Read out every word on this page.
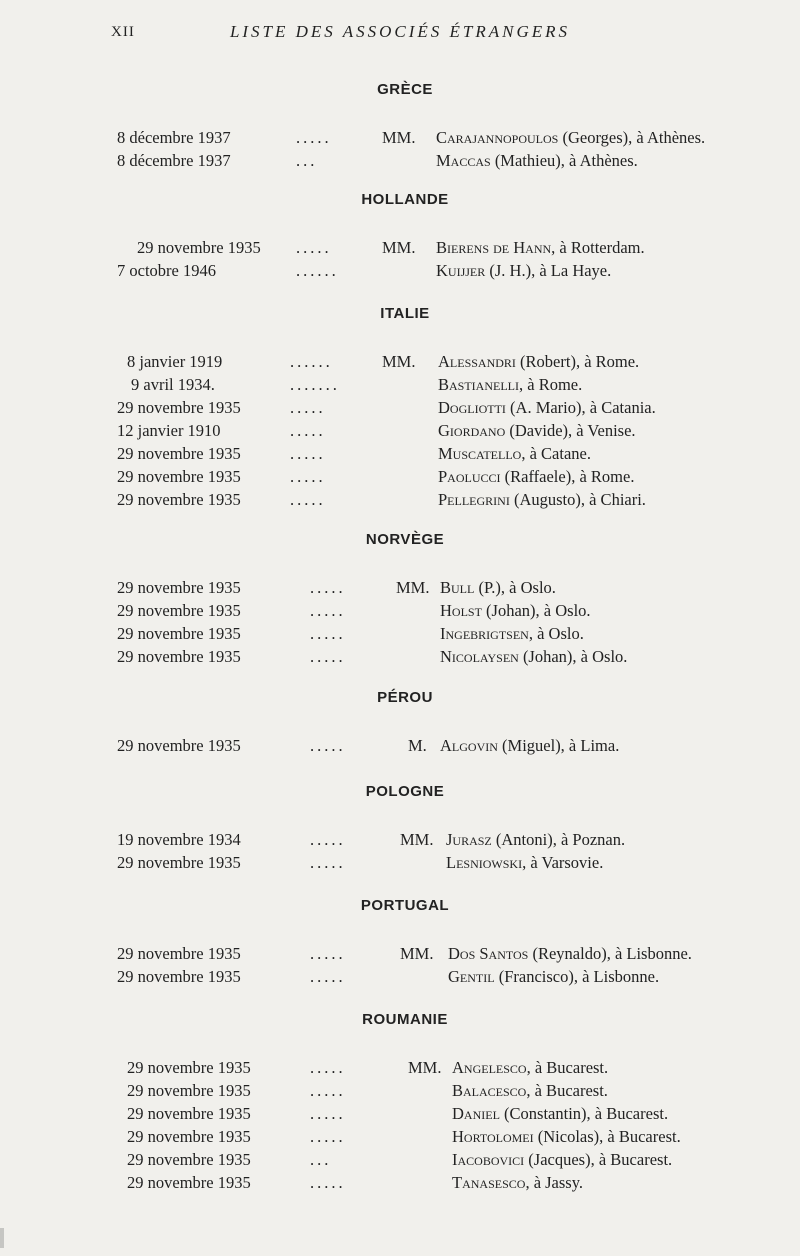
XII	LISTE DES ASSOCIÉS ÉTRANGERS
GRÈCE
8 décembre 1937	.....	MM. Carajannopoulos (Georges), à Athènes.
8 décembre 1937	...	Maccas (Mathieu), à Athènes.
HOLLANDE
29 novembre 1935 .....	MM. Bierens de Hann, à Rotterdam.
7 octobre 1946	......	Kuijjer (J. H.), à La Haye.
ITALIE
8 janvier 1919	......	MM. Alessandri (Robert), à Rome.
9 avril 1934.	.......	Bastianelli, à Rome.
29 novembre 1935	.....	Dogliotti (A. Mario), à Catania.
12 janvier 1910	.....	Giordano (Davide), à Venise.
29 novembre 1935	.....	Muscatello, à Catane.
29 novembre 1935	.....	Paolucci (Raffaele), à Rome.
29 novembre 1935	.....	Pellegrini (Augusto), à Chiari.
NORVÈGE
29 novembre 1935	.....	MM. Bull (P.), à Oslo.
29 novembre 1935	.....	Holst (Johan), à Oslo.
29 novembre 1935	.....	Ingebrigtsen, à Oslo.
29 novembre 1935	.....	Nicolaysen (Johan), à Oslo.
PÉROU
29 novembre 1935	.....	M. Algovin (Miguel), à Lima.
POLOGNE
19 novembre 1934	.....	MM. Jurasz (Antoni), à Poznan.
29 novembre 1935	.....	Lesniowski, à Varsovie.
PORTUGAL
29 novembre 1935	.....	MM. Dos Santos (Reynaldo), à Lisbonne.
29 novembre 1935	.....	Gentil (Francisco), à Lisbonne.
ROUMANIE
29 novembre 1935	.....	MM. Angelesco, à Bucarest.
29 novembre 1935	.....	Balacesco, à Bucarest.
29 novembre 1935	.....	Daniel (Constantin), à Bucarest.
29 novembre 1935	.....	Hortolomei (Nicolas), à Bucarest.
29 novembre 1935	...	Iacobovici (Jacques), à Bucarest.
29 novembre 1935	.....	Tanasesco, à Jassy.
